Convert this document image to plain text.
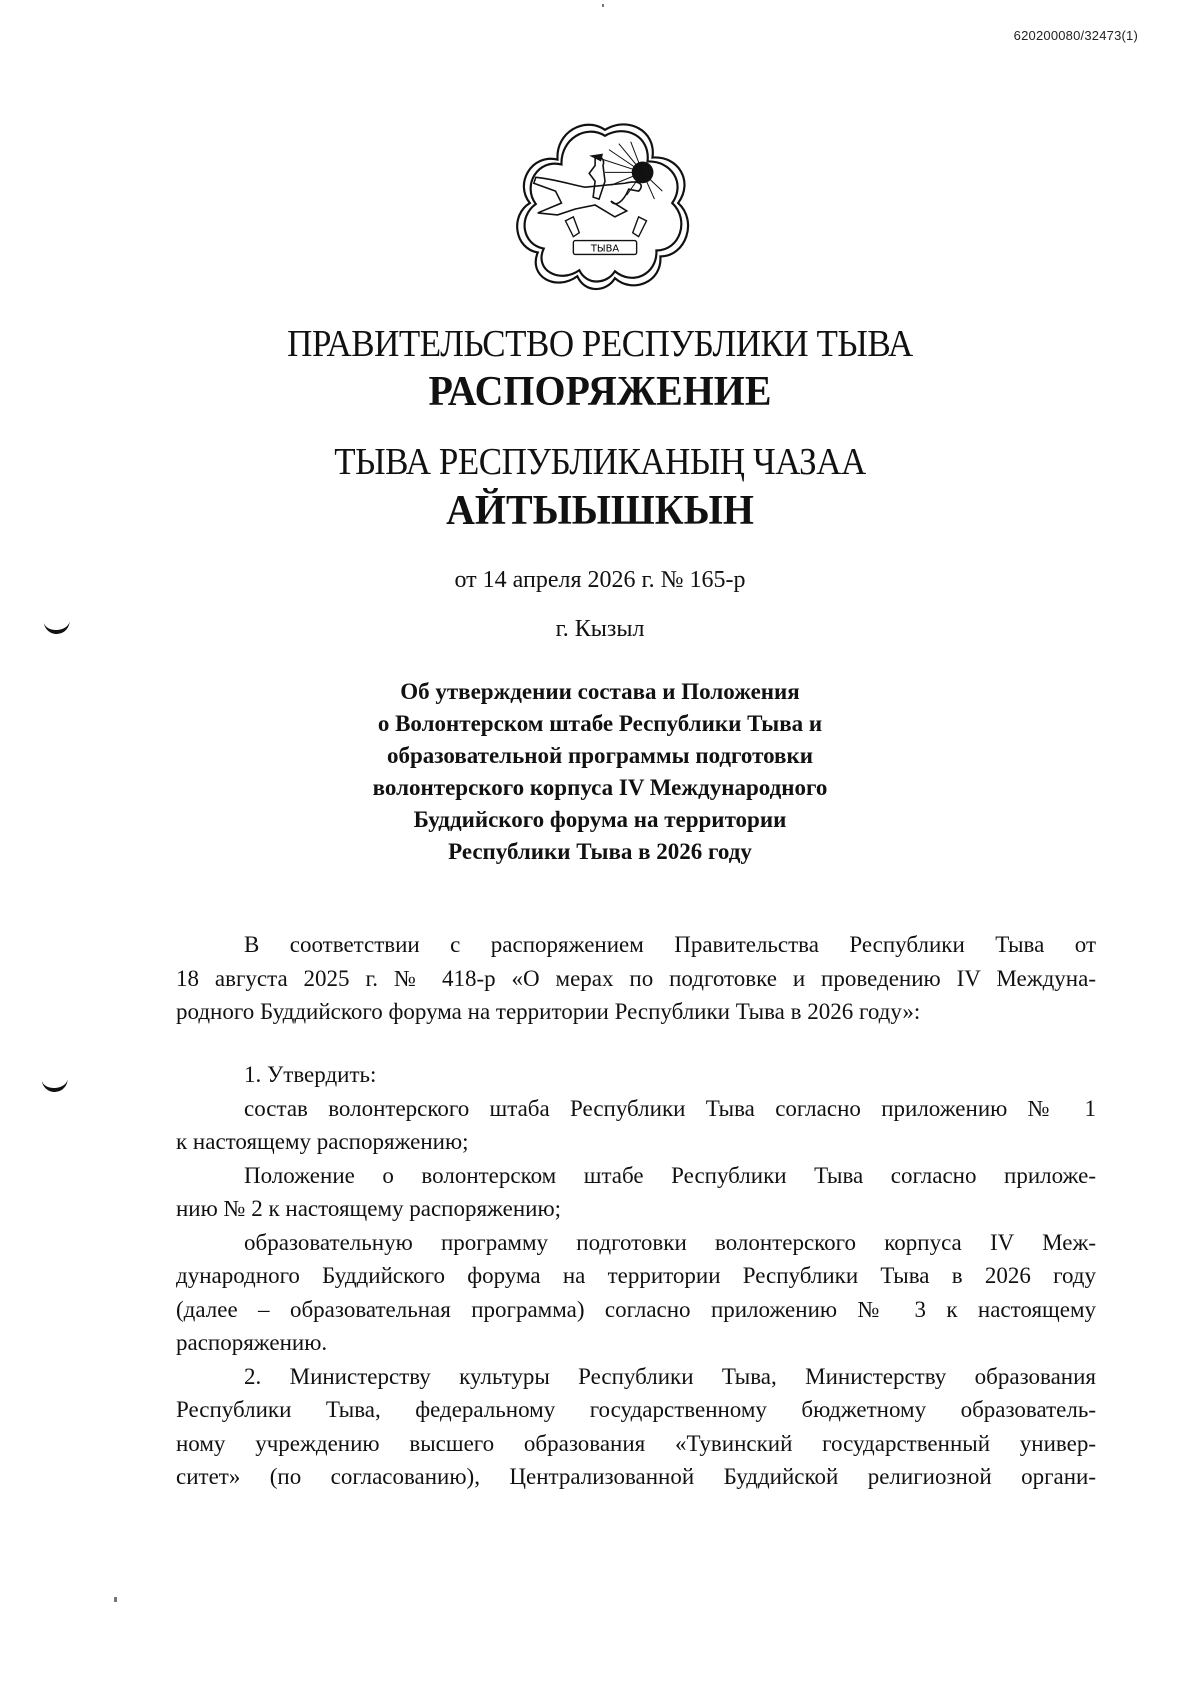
620200080/32473(1)
ТЫВА
ПРАВИТЕЛЬСТВО РЕСПУБЛИКИ ТЫВА
РАСПОРЯЖЕНИЕ
ТЫВА РЕСПУБЛИКАНЫҢ ЧАЗАА
АЙТЫЫШКЫН
от 14 апреля 2026 г. № 165-р
г. Кызыл
Об утверждении состава и Положения
о Волонтерском штабе Республики Тыва и
образовательной программы подготовки
волонтерского корпуса IV Международного
Буддийского форума на территории
Республики Тыва в 2026 году
В соответствии с распоряжением Правительства Республики Тыва от
18 августа 2025 г. № 418-р «О мерах по подготовке и проведению IV Междуна-
родного Буддийского форума на территории Республики Тыва в 2026 году»:
1. Утвердить:
состав волонтерского штаба Республики Тыва согласно приложению № 1
к настоящему распоряжению;
Положение о волонтерском штабе Республики Тыва согласно приложе-
нию № 2 к настоящему распоряжению;
образовательную программу подготовки волонтерского корпуса IV Меж-
дународного Буддийского форума на территории Республики Тыва в 2026 году
(далее – образовательная программа) согласно приложению № 3 к настоящему
распоряжению.
2. Министерству культуры Республики Тыва, Министерству образования
Республики Тыва, федеральному государственному бюджетному образователь-
ному учреждению высшего образования «Тувинский государственный универ-
ситет» (по согласованию), Централизованной Буддийской религиозной органи-
